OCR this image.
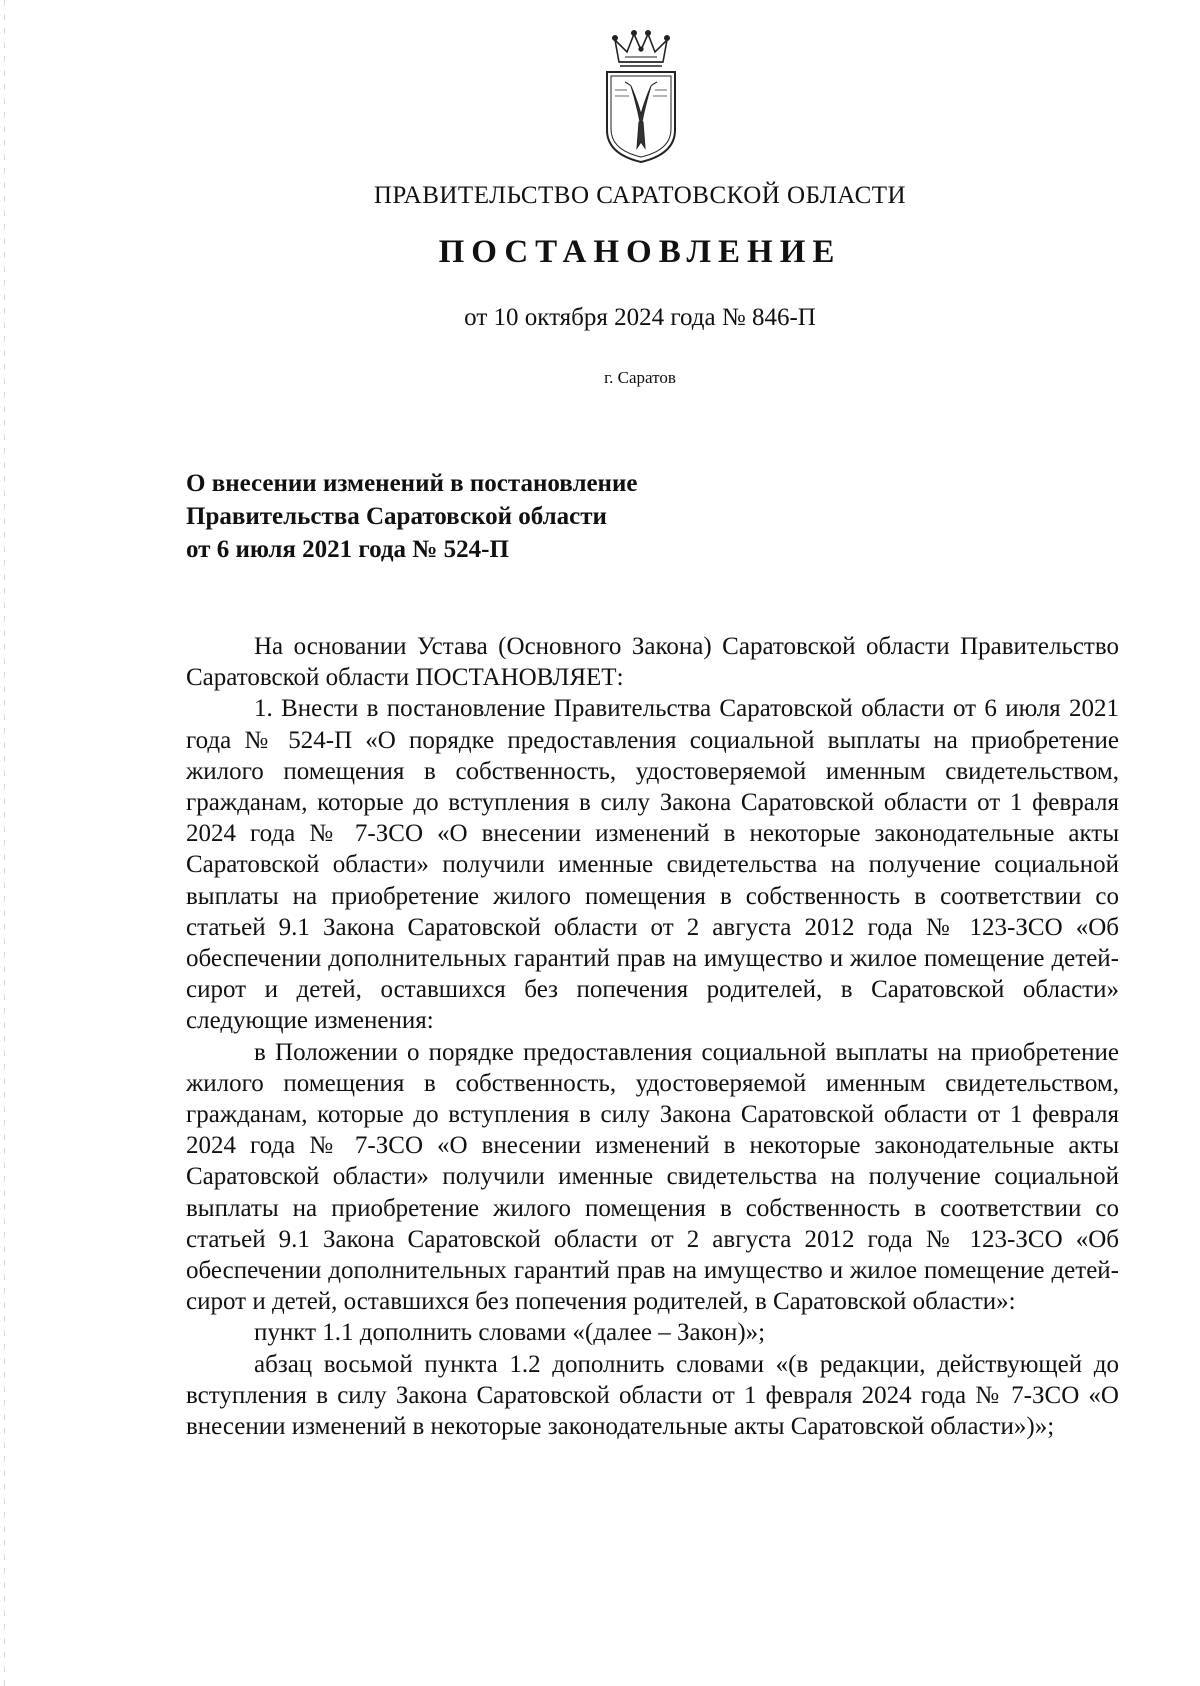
ПРАВИТЕЛЬСТВО САРАТОВСКОЙ ОБЛАСТИ
ПОСТАНОВЛЕНИЕ
от 10 октября 2024 года № 846-П
г. Саратов
О внесении изменений в постановление
Правительства Саратовской области
от 6 июля 2021 года № 524-П

На основании Устава (Основного Закона) Саратовской области Правительство Саратовской области ПОСТАНОВЛЯЕТ:

1. Внести в постановление Правительства Саратовской области от 6 июля 2021 года № 524-П «О порядке предоставления социальной выплаты на приобретение жилого помещения в собственность, удостоверяемой именным свидетельством, гражданам, которые до вступления в силу Закона Саратовской области от 1 февраля 2024 года № 7-ЗСО «О внесении изменений в некоторые законодательные акты Саратовской области» получили именные свидетельства на получение социальной выплаты на приобретение жилого помещения в собственность в соответствии со статьей 9.1 Закона Саратовской области от 2 августа 2012 года № 123-ЗСО «Об обеспечении дополнительных гарантий прав на имущество и жилое помещение детей-сирот и детей, оставшихся без попечения родителей, в Саратовской области» следующие изменения:

в Положении о порядке предоставления социальной выплаты на приобретение жилого помещения в собственность, удостоверяемой именным свидетельством, гражданам, которые до вступления в силу Закона Саратовской области от 1 февраля 2024 года № 7-ЗСО «О внесении изменений в некоторые законодательные акты Саратовской области» получили именные свидетельства на получение социальной выплаты на приобретение жилого помещения в собственность в соответствии со статьей 9.1 Закона Саратовской области от 2 августа 2012 года № 123-ЗСО «Об обеспечении дополнительных гарантий прав на имущество и жилое помещение детей-сирот и детей, оставшихся без попечения родителей, в Саратовской области»:

пункт 1.1 дополнить словами «(далее – Закон)»;

абзац восьмой пункта 1.2 дополнить словами «(в редакции, действующей до вступления в силу Закона Саратовской области от 1 февраля 2024 года № 7-ЗСО «О внесении изменений в некоторые законодательные акты Саратовской области»)»;
